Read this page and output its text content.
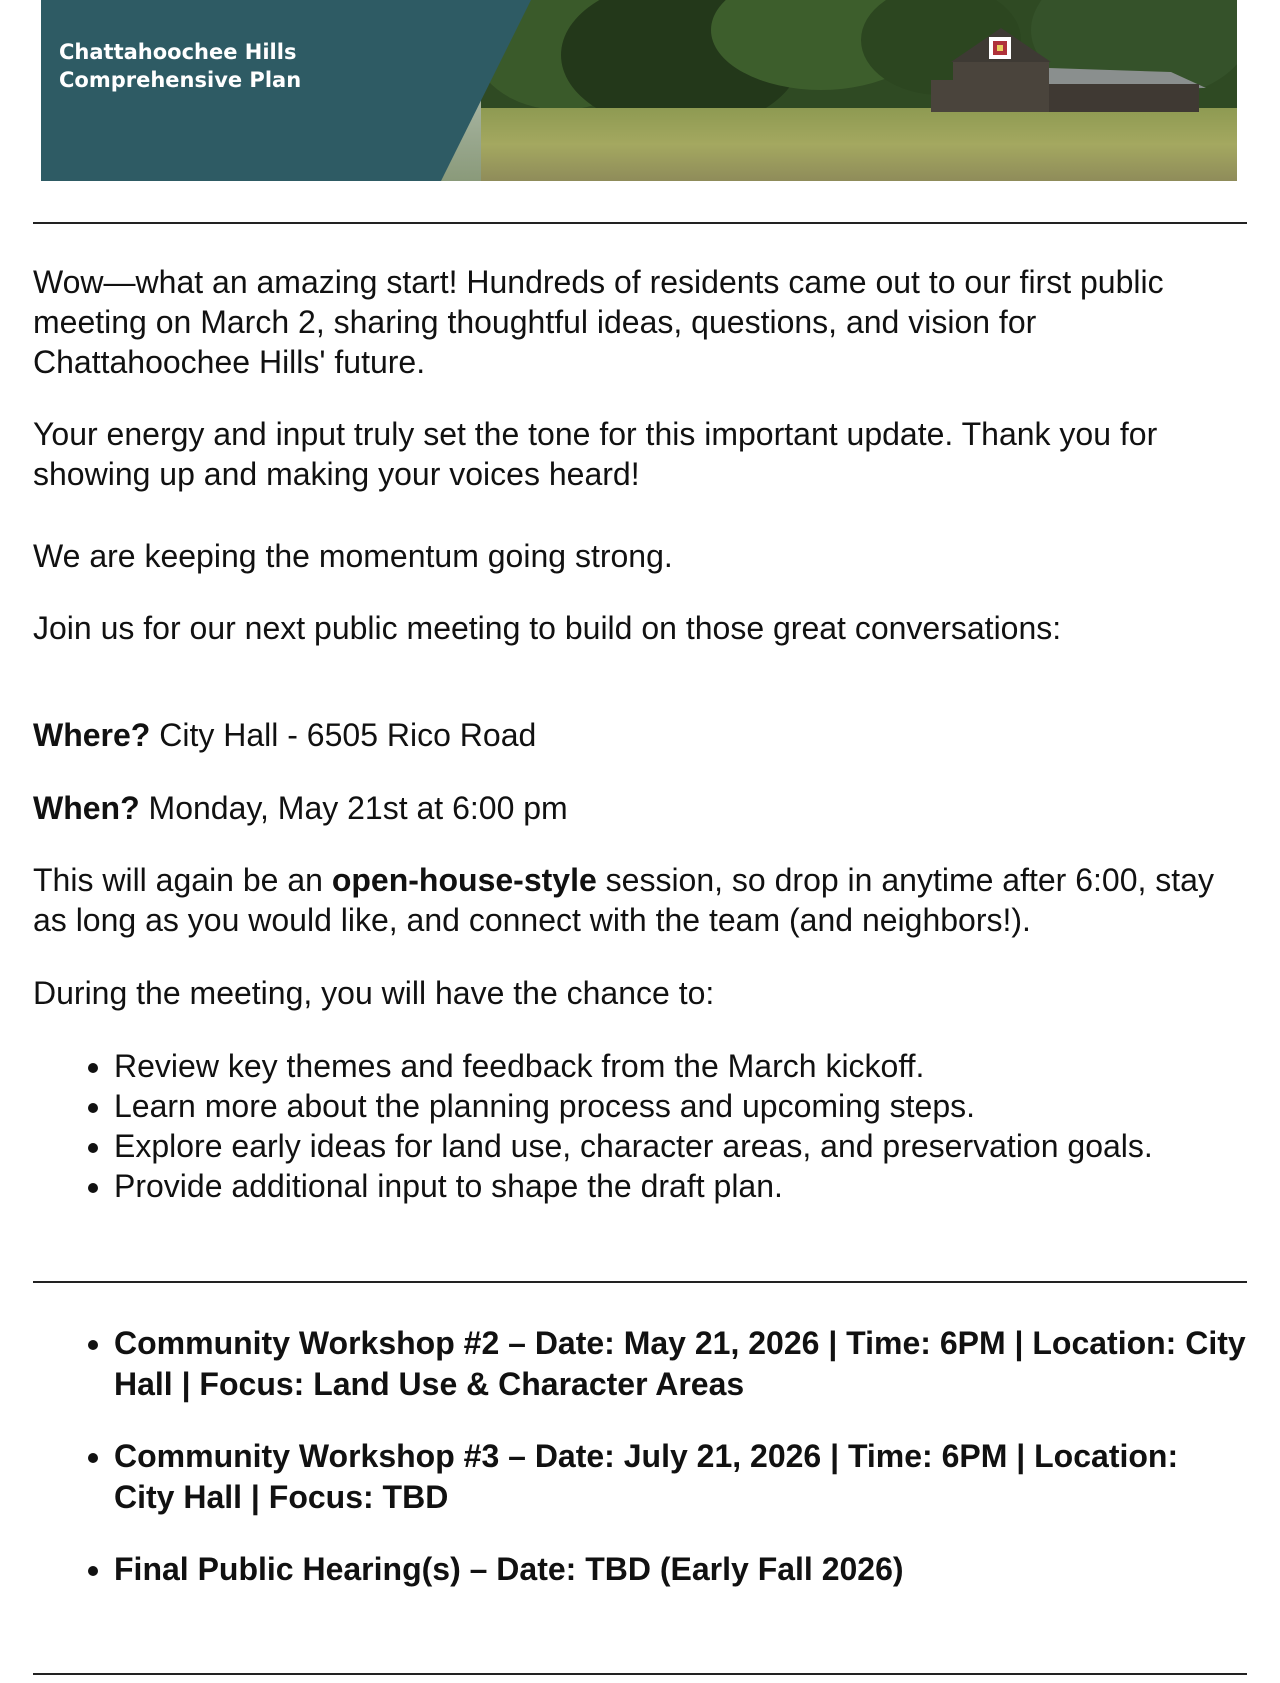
Chattahoochee Hills
Comprehensive Plan

Wow—what an amazing start! Hundreds of residents came out to our first public meeting on March 2, sharing thoughtful ideas, questions, and vision for Chattahoochee Hills' future.

Your energy and input truly set the tone for this important update. Thank you for showing up and making your voices heard!

We are keeping the momentum going strong.

Join us for our next public meeting to build on those great conversations:

Where? City Hall - 6505 Rico Road
When? Monday, May 21st at 6:00 pm
This will again be an open-house-style session, so drop in anytime after 6:00, stay as long as you would like, and connect with the team (and neighbors!).
During the meeting, you will have the chance to:
• Review key themes and feedback from the March kickoff.
• Learn more about the planning process and upcoming steps.
• Explore early ideas for land use, character areas, and preservation goals.
• Provide additional input to shape the draft plan.
• Community Workshop #2 – Date: May 21, 2026 | Time: 6PM | Location: City Hall | Focus: Land Use & Character Areas
• Community Workshop #3 – Date: July 21, 2026 | Time: 6PM | Location: City Hall | Focus: TBD
• Final Public Hearing(s) – Date: TBD (Early Fall 2026)
